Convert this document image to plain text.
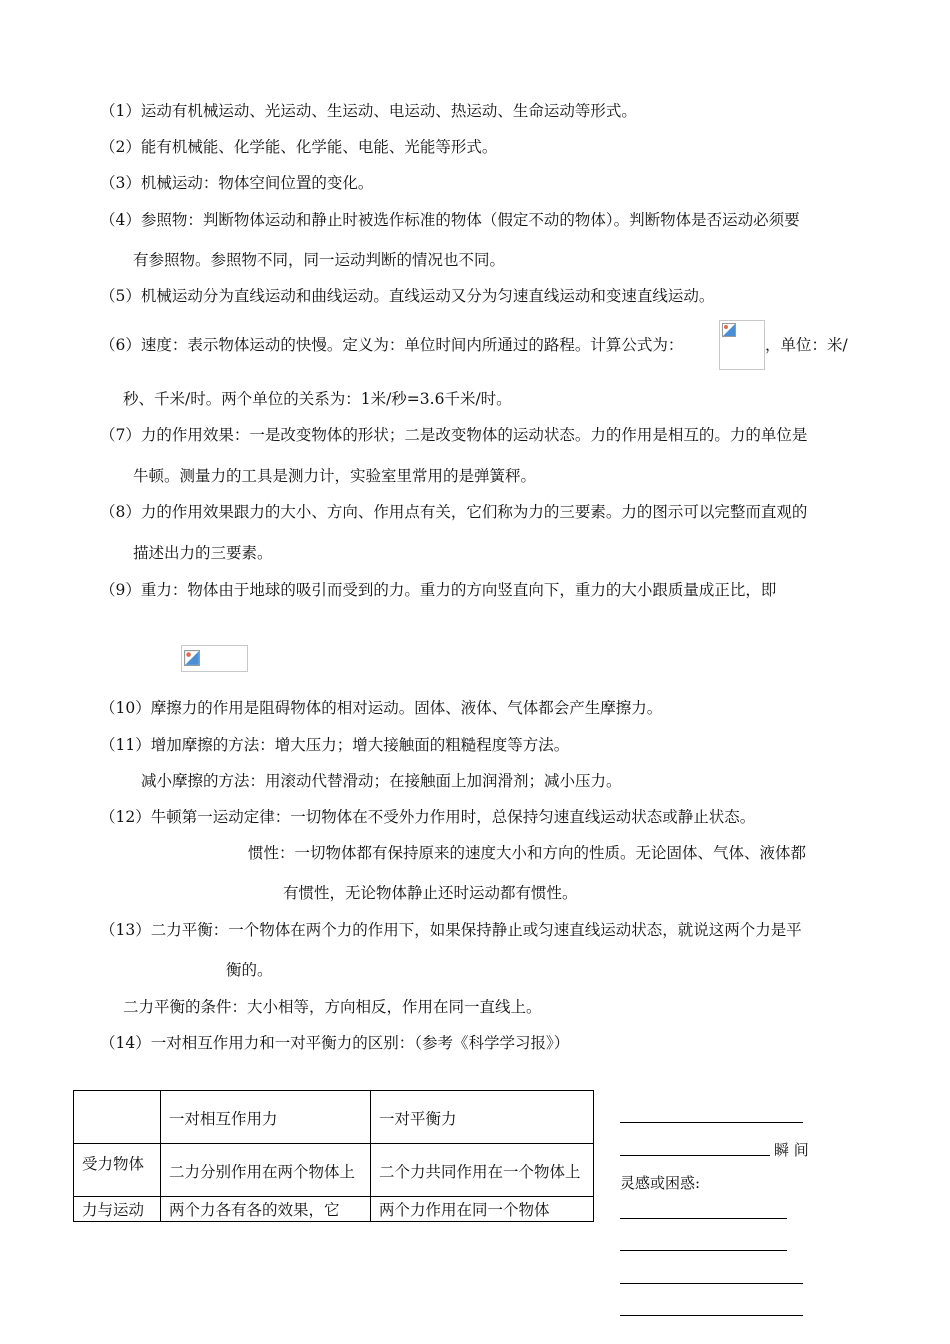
（1）运动有机械运动、光运动、生运动、电运动、热运动、生命运动等形式。
（2）能有机械能、化学能、化学能、电能、光能等形式。
（3）机械运动：物体空间位置的变化。
（4）参照物：判断物体运动和静止时被选作标准的物体（假定不动的物体）。判断物体是否运动必须要
有参照物。参照物不同，同一运动判断的情况也不同。
（5）机械运动分为直线运动和曲线运动。直线运动又分为匀速直线运动和变速直线运动。
（6）速度：表示物体运动的快慢。定义为：单位时间内所通过的路程。计算公式为：	，单位：米/
秒、千米/时。两个单位的关系为：1米/秒=3.6千米/时。
（7）力的作用效果：一是改变物体的形状；二是改变物体的运动状态。力的作用是相互的。力的单位是
牛顿。测量力的工具是测力计，实验室里常用的是弹簧秤。
（8）力的作用效果跟力的大小、方向、作用点有关，它们称为力的三要素。力的图示可以完整而直观的
描述出力的三要素。
（9）重力：物体由于地球的吸引而受到的力。重力的方向竖直向下，重力的大小跟质量成正比，即
（10）摩擦力的作用是阻碍物体的相对运动。固体、液体、气体都会产生摩擦力。
（11）增加摩擦的方法：增大压力；增大接触面的粗糙程度等方法。
减小摩擦的方法：用滚动代替滑动；在接触面上加润滑剂；减小压力。
（12）牛顿第一运动定律：一切物体在不受外力作用时，总保持匀速直线运动状态或静止状态。
惯性：一切物体都有保持原来的速度大小和方向的性质。无论固体、气体、液体都
有惯性，无论物体静止还时运动都有惯性。
（13）二力平衡：一个物体在两个力的作用下，如果保持静止或匀速直线运动状态，就说这两个力是平
衡的。
二力平衡的条件：大小相等，方向相反，作用在同一直线上。
（14）一对相互作用力和一对平衡力的区别：（参考《科学学习报》）
	一对相互作用力	一对平衡力
受力物体	二力分别作用在两个物体上	二个力共同作用在一个物体上
力与运动	两个力各有各的效果，它	两个力作用在同一个物体
瞬 间
灵感或困惑:
